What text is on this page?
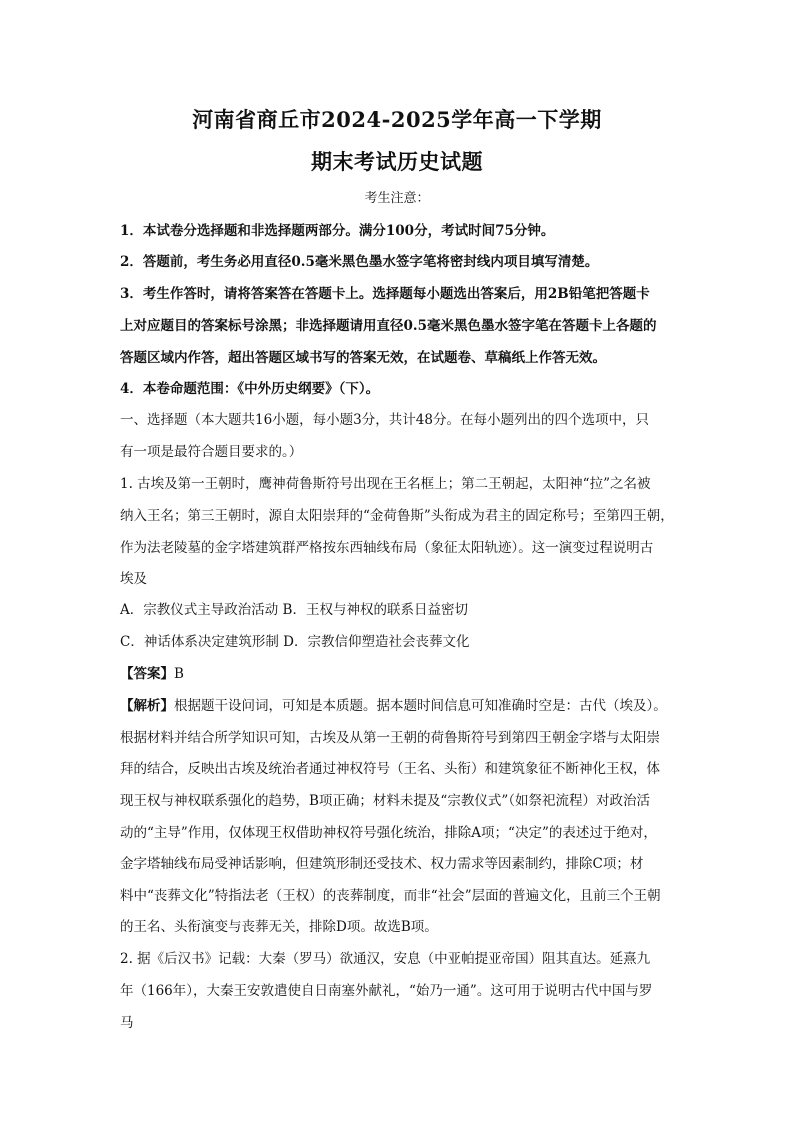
河南省商丘市2024-2025学年高一下学期
期末考试历史试题
考生注意：
1．本试卷分选择题和非选择题两部分。满分100分，考试时间75分钟。
2．答题前，考生务必用直径0.5毫米黑色墨水签字笔将密封线内项目填写清楚。
3．考生作答时，请将答案答在答题卡上。选择题每小题选出答案后，用2B铅笔把答题卡
上对应题目的答案标号涂黑；非选择题请用直径0.5毫米黑色墨水签字笔在答题卡上各题的
答题区域内作答，超出答题区域书写的答案无效，在试题卷、草稿纸上作答无效。
4．本卷命题范围：《中外历史纲要》（下）。
一、选择题（本大题共16小题，每小题3分，共计48分。在每小题列出的四个选项中，只
有一项是最符合题目要求的。）
1. 古埃及第一王朝时，鹰神荷鲁斯符号出现在王名框上；第二王朝起，太阳神“拉”之名被
纳入王名；第三王朝时，源自太阳崇拜的“金荷鲁斯”头衔成为君主的固定称号；至第四王朝，
作为法老陵墓的金字塔建筑群严格按东西轴线布局（象征太阳轨迹）。这一演变过程说明古
埃及
A．宗教仪式主导政治活动 B．王权与神权的联系日益密切
C．神话体系决定建筑形制 D．宗教信仰塑造社会丧葬文化
【答案】B
【解析】根据题干设问词，可知是本质题。据本题时间信息可知准确时空是：古代（埃及）。
根据材料并结合所学知识可知，古埃及从第一王朝的荷鲁斯符号到第四王朝金字塔与太阳崇
拜的结合，反映出古埃及统治者通过神权符号（王名、头衔）和建筑象征不断神化王权，体
现王权与神权联系强化的趋势，B项正确；材料未提及“宗教仪式”（如祭祀流程）对政治活
动的“主导”作用，仅体现王权借助神权符号强化统治，排除A项；“决定”的表述过于绝对，
金字塔轴线布局受神话影响，但建筑形制还受技术、权力需求等因素制约，排除C项；材
料中“丧葬文化”特指法老（王权）的丧葬制度，而非“社会”层面的普遍文化，且前三个王朝
的王名、头衔演变与丧葬无关，排除D项。故选B项。
2. 据《后汉书》记载：大秦（罗马）欲通汉，安息（中亚帕提亚帝国）阻其直达。延熹九
年（166年），大秦王安敦遣使自日南塞外献礼，“始乃一通”。这可用于说明古代中国与罗
马
